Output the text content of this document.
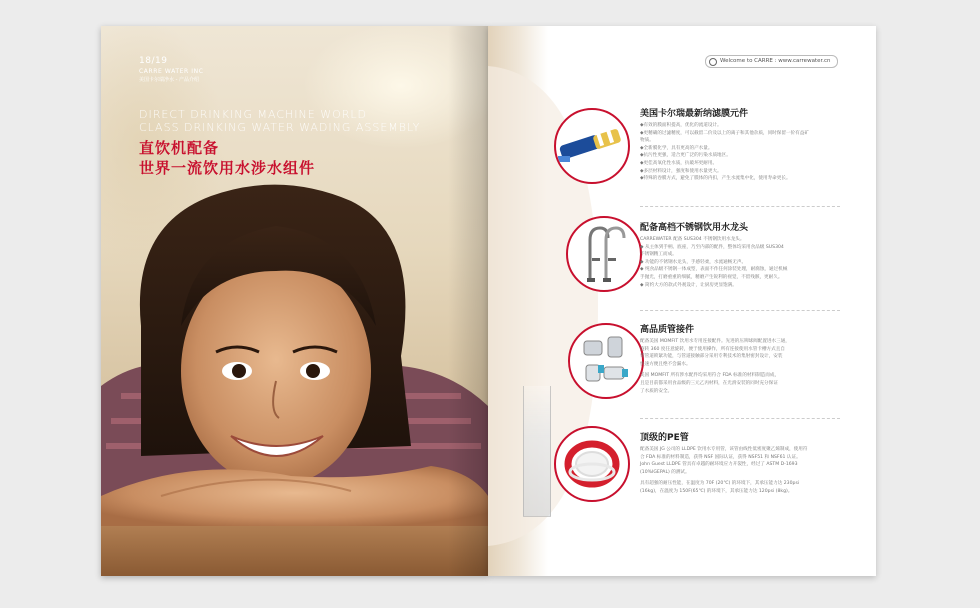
18/19
CARRE WATER INC
美国卡尔瑞净水 - 产品介绍
DIRECT DRINKING MACHINE WORLD
CLASS DRINKING WATER WADING ASSEMBLY
直饮机配备
世界一流饮用水涉水组件
Welcome to CARRE : www.carrewater.cn
美国卡尔瑞最新纳滤膜元件

◆有效的膜面积提高，优化的流道设计。

◆更精确的过滤精度，可以截留二价及以上的离子和其他杂质，同时保留一价有益矿

物质。

◆全新膜化学，具有更高的产水量。

◆抗污性更强，适合更广泛的污染水质地区。

◆更佳高氧化性水质，抗破坏更耐用。

◆多层材料设计，强度和使用水量更大。

◆特殊的卷膜方式，避免了膜体的内扣，产生水流集中化，使用寿命更长。

配备高档不锈钢饮用水龙头

CARREWATER 配备 SUS304 不锈钢饮用水龙头。

◆ 从主体到手柄、底座，乃至内部的配件，整体均采用食品级 SUS304

不锈钢精工而成。

◆ 功能的不锈钢水龙头，手感轻柔，水流通畅无声。

◆ 纯食品级不锈钢一体成型，表面不作任何涂装处理，耐腐蚀，通过机械

手抛光，打磨重重的细腻，精磨产生锐利的视觉，不留残骸，更耐久。

◆ 简约大方的款式外观设计，让厨房更显饱满。

高品质管接件

配备美国 MOMFIT 饮用水专用连接配件。先进的压铆球阀配置进水三通，

旋转 360 度任意旋转，便于使用操作，所有连接使用水管卡槽方式且自

带管道锁紧功能，与管道接触部分采用专利技术的集射密封设计，安装

快速方便且绝不会漏水。

美国 MOMFIT 所有涉水配件均采用符合 FDA 标准的材料制造而成，

且是目前都采用食品级的三元乙丙材料，在光滑安装的同时充分保证

了水质的安全。

顶级的PE管

配备美国 JG 公司的 LLDPE 饮用水专用管，该管由线性低密度聚乙烯制成，使用符

合 FDA 标准的材料制造，获得 NSF 国际认证，获得 NSF51 和 NSF61 认证。

John Guest LLDPE 管具有卓越的耐环境应力开裂性，经过了 ASTM D-1693

(10%IGEPAL) 的测试。

具有超强的耐压性能，在温度为 70F (20℃) 的环境下，其承压能力达 230psi

(16kg)，在温度为 150F(65℃) 的环境下，其承压能力达 120psi (8kg)。
